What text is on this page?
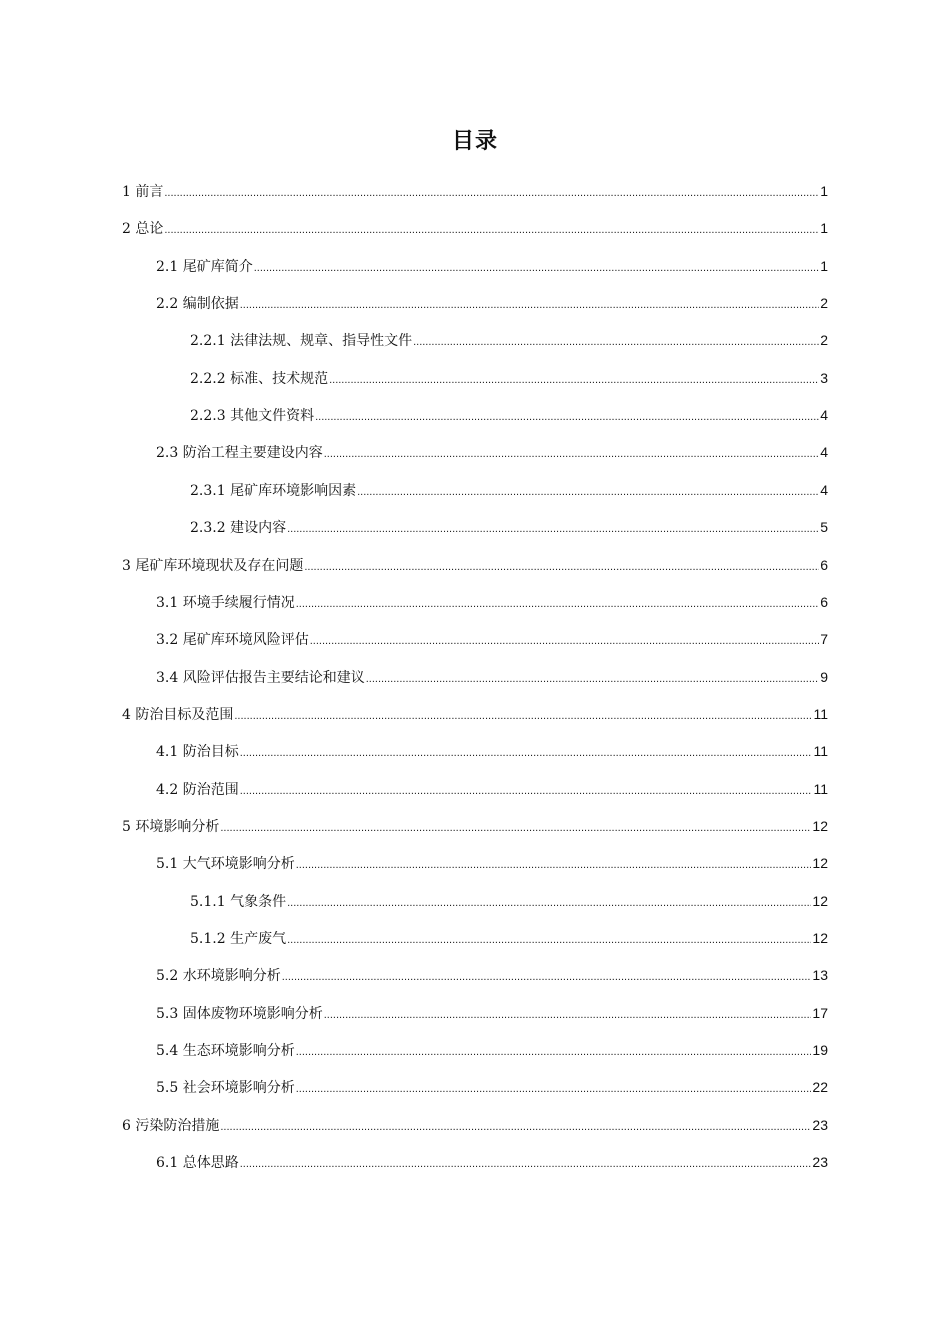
目录
1 前言 .....	1
2 总论 .....	1
2.1 尾矿库简介 .....	1
2.2 编制依据 .....	2
2.2.1 法律法规、规章、指导性文件 .....	2
2.2.2 标准、技术规范 .....	3
2.2.3 其他文件资料 .....	4
2.3 防治工程主要建设内容 .....	4
2.3.1 尾矿库环境影响因素 .....	4
2.3.2 建设内容 .....	5
3 尾矿库环境现状及存在问题 .....	6
3.1 环境手续履行情况 .....	6
3.2 尾矿库环境风险评估 .....	7
3.4 风险评估报告主要结论和建议 .....	9
4 防治目标及范围 .....	11
4.1 防治目标 .....	11
4.2 防治范围 .....	11
5 环境影响分析 .....	12
5.1 大气环境影响分析 .....	12
5.1.1 气象条件 .....	12
5.1.2 生产废气 .....	12
5.2 水环境影响分析 .....	13
5.3 固体废物环境影响分析 .....	17
5.4 生态环境影响分析 .....	19
5.5 社会环境影响分析 .....	22
6 污染防治措施 .....	23
6.1 总体思路 .....	23
